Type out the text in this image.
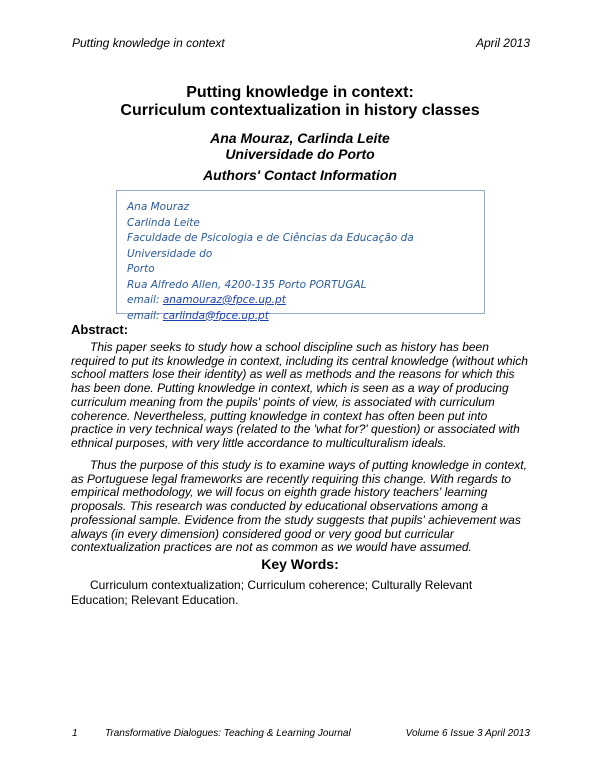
Putting knowledge in context	April 2013
Putting knowledge in context:
Curriculum contextualization in history classes
Ana Mouraz, Carlinda Leite
Universidade do Porto
Authors' Contact Information
Ana Mouraz
Carlinda Leite
Faculdade de Psicologia e de Ciências da Educação da Universidade do
Porto
Rua Alfredo Allen, 4200-135 Porto PORTUGAL
email: anamouraz@fpce.up.pt
email: carlinda@fpce.up.pt
Abstract:

This paper seeks to study how a school discipline such as history has been required to put its knowledge in context, including its central knowledge (without which school matters lose their identity) as well as methods and the reasons for which this has been done. Putting knowledge in context, which is seen as a way of producing curriculum meaning from the pupils' points of view, is associated with curriculum coherence. Nevertheless, putting knowledge in context has often been put into practice in very technical ways (related to the 'what for?' question) or associated with ethnical purposes, with very little accordance to multiculturalism ideals.

Thus the purpose of this study is to examine ways of putting knowledge in context, as Portuguese legal frameworks are recently requiring this change. With regards to empirical methodology, we will focus on eighth grade history teachers' learning proposals. This research was conducted by educational observations among a professional sample. Evidence from the study suggests that pupils' achievement was always (in every dimension) considered good or very good but curricular contextualization practices are not as common as we would have assumed.

Key Words:

Curriculum contextualization; Curriculum coherence; Culturally Relevant Education; Relevant Education.

1	Transformative Dialogues: Teaching & Learning Journal	Volume 6 Issue 3 April 2013
